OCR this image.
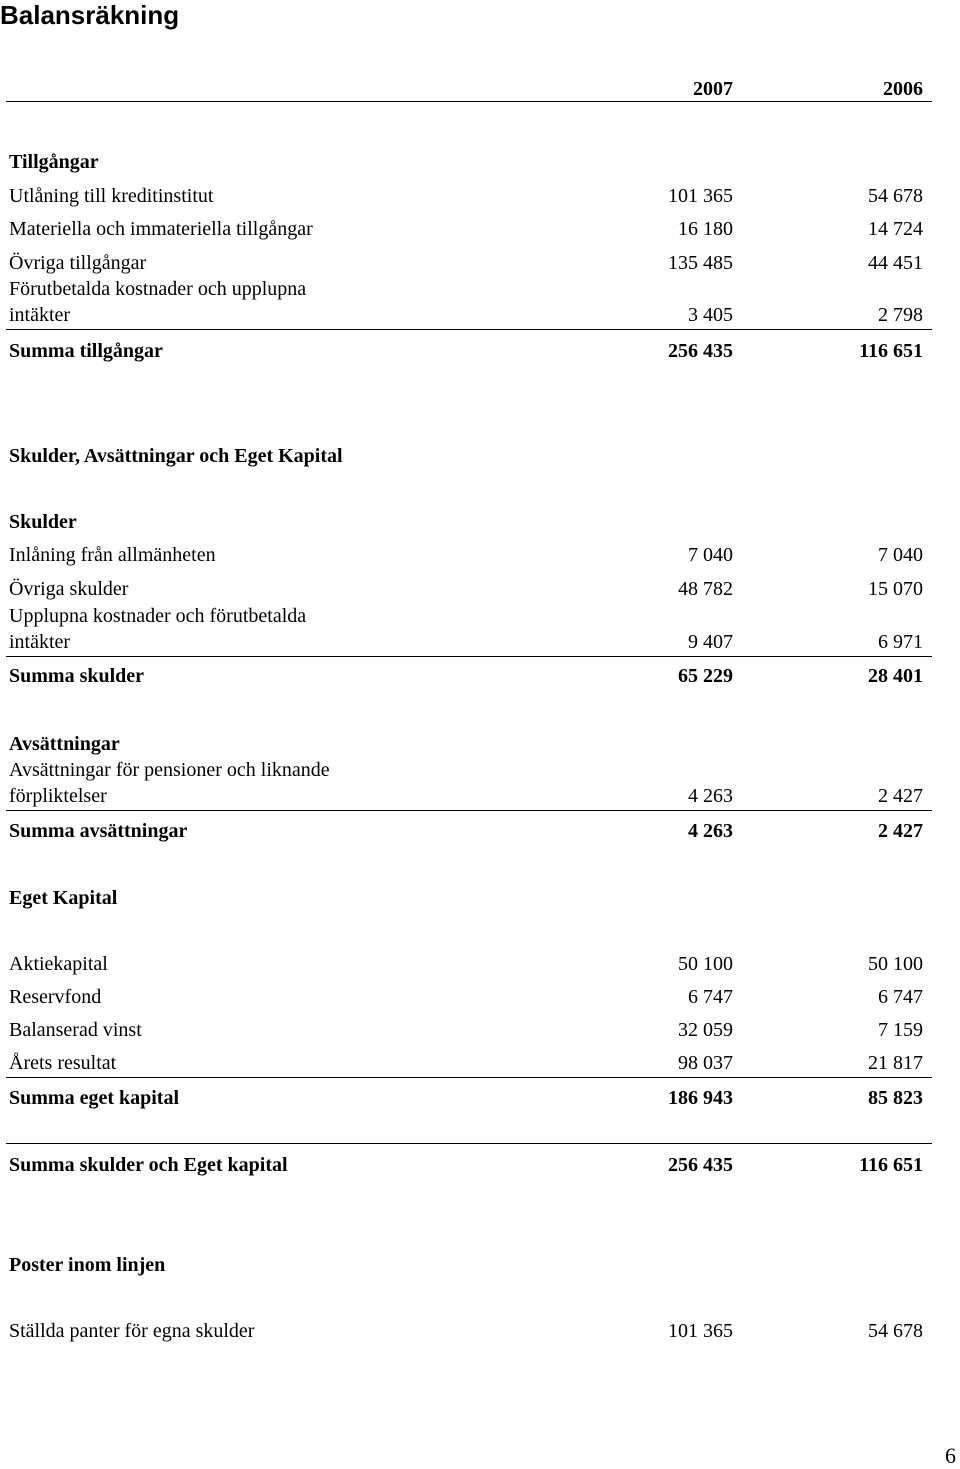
Balansräkning
2007	2006
Tillgångar
Utlåning till kreditinstitut	101 365	54 678
Materiella och immateriella tillgångar	16 180	14 724
Övriga tillgångar	135 485	44 451
Förutbetalda kostnader och upplupna
intäkter	3 405	2 798
Summa tillgångar	256 435	116 651
Skulder, Avsättningar och Eget Kapital
Skulder
Inlåning från allmänheten	7 040	7 040
Övriga skulder	48 782	15 070
Upplupna kostnader och förutbetalda
intäkter	9 407	6 971
Summa skulder	65 229	28 401
Avsättningar
Avsättningar för pensioner och liknande
förpliktelser	4 263	2 427
Summa avsättningar	4 263	2 427
Eget Kapital
Aktiekapital	50 100	50 100
Reservfond	6 747	6 747
Balanserad vinst	32 059	7 159
Årets resultat	98 037	21 817
Summa eget kapital	186 943	85 823
Summa skulder och Eget kapital	256 435	116 651
Poster inom linjen
Ställda panter för egna skulder	101 365	54 678
6
